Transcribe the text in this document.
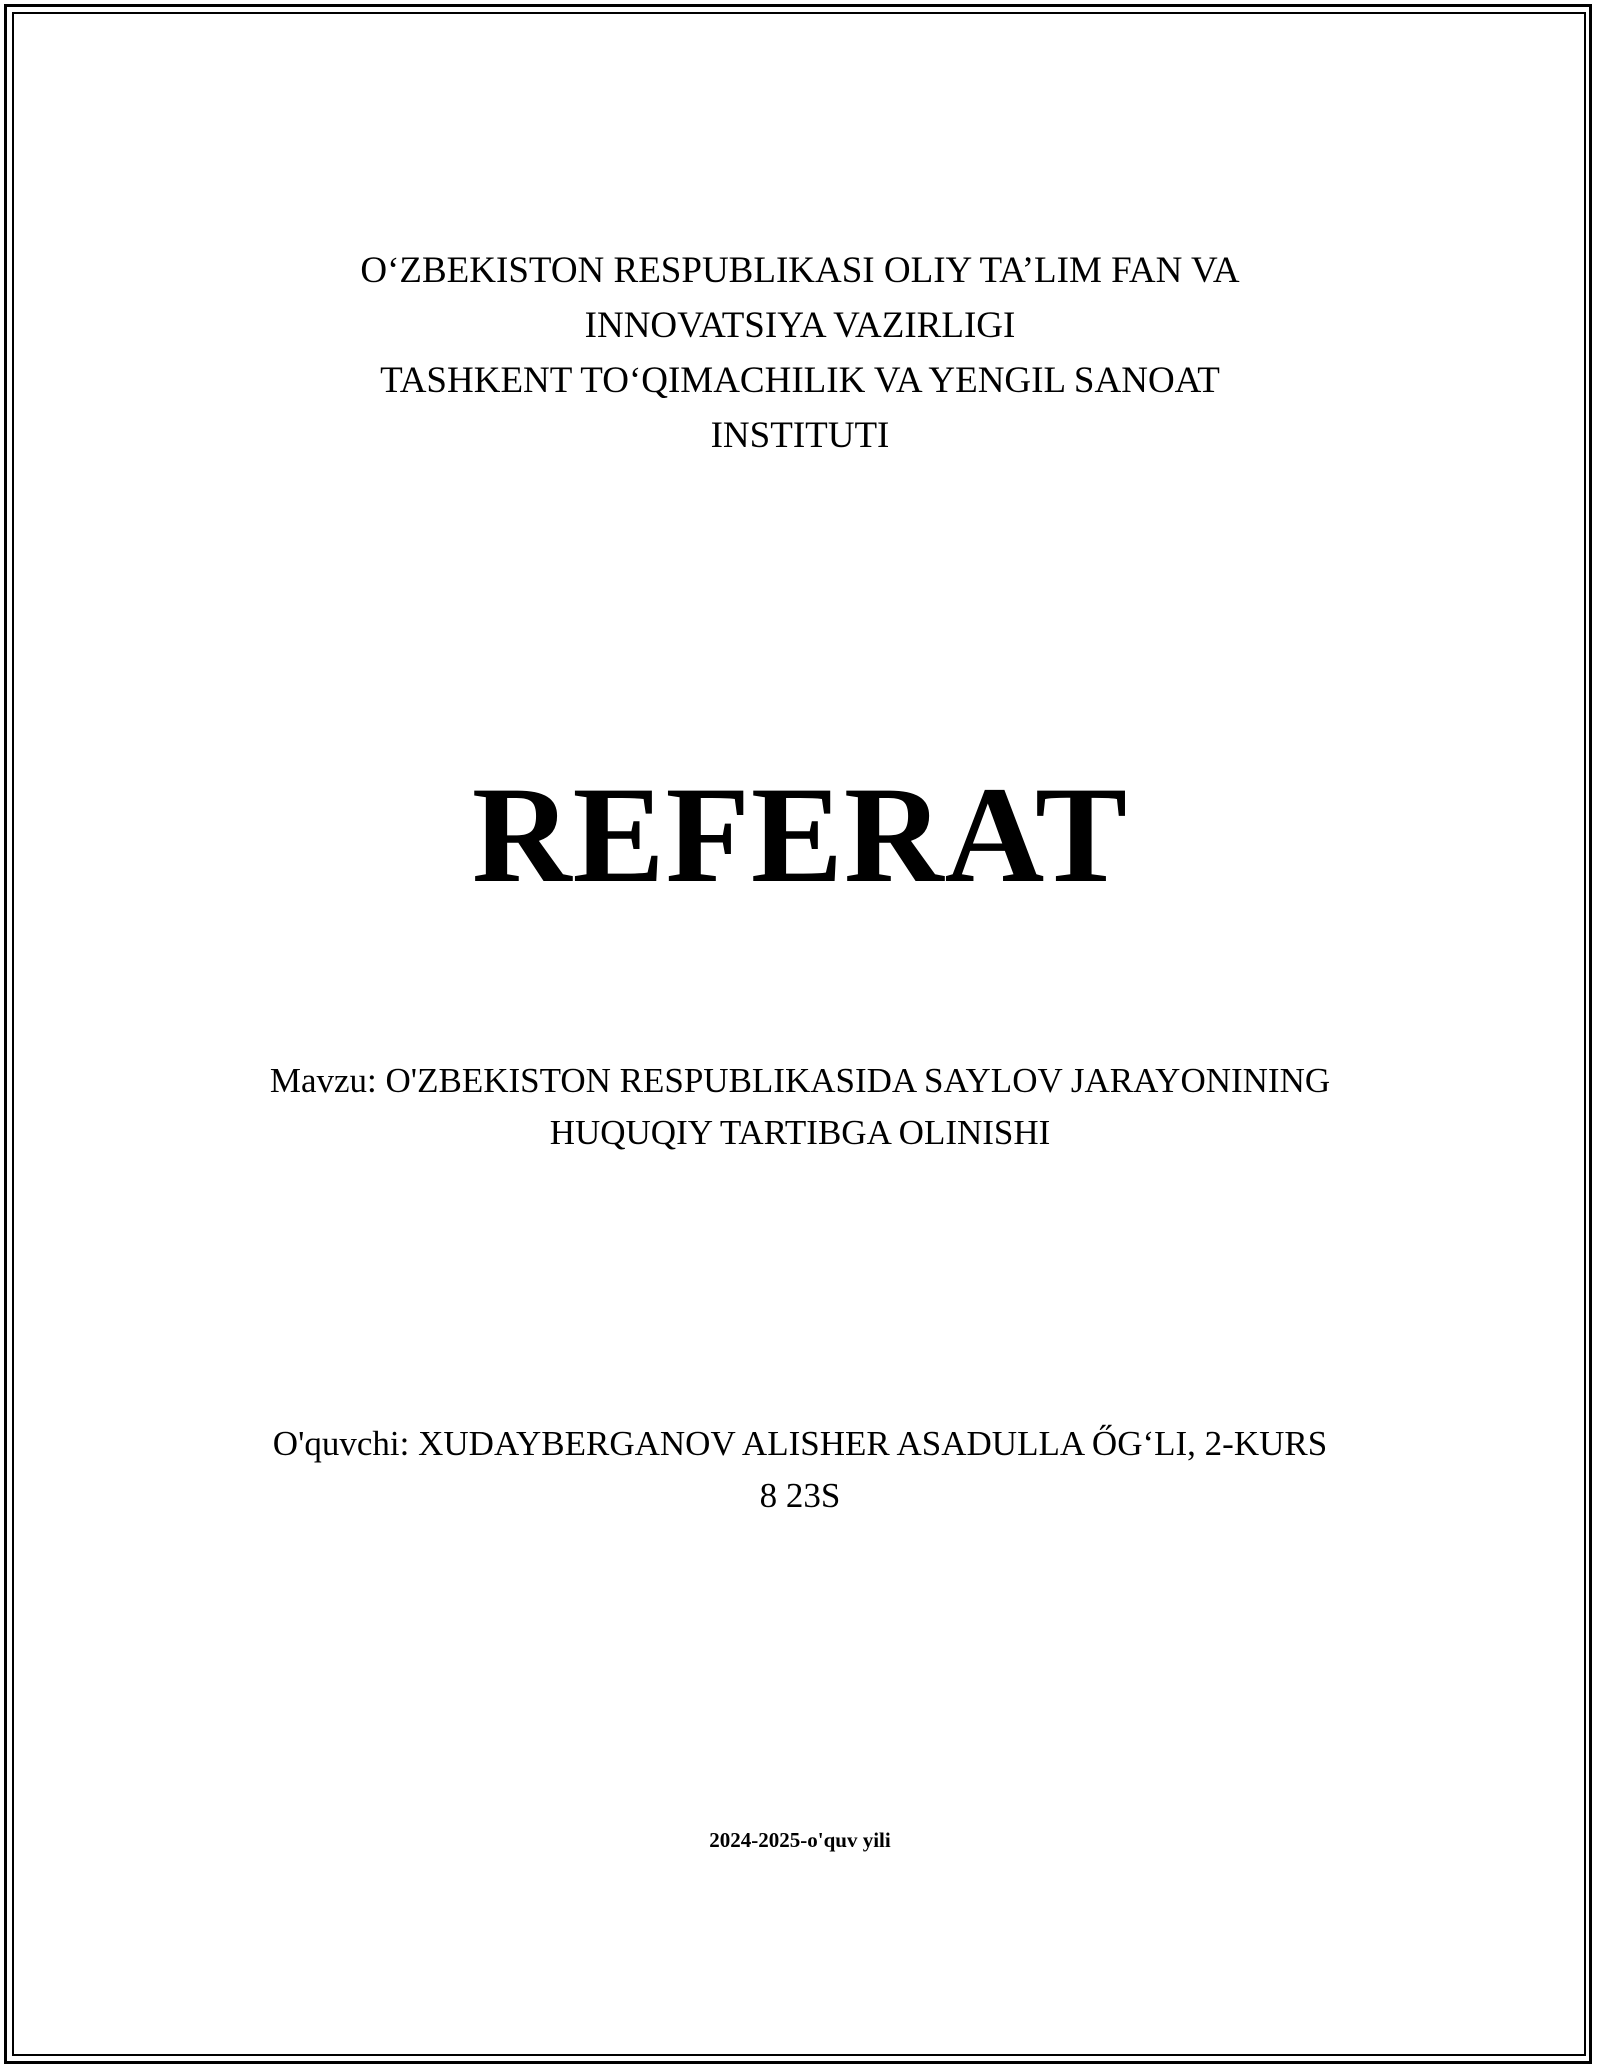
O‘ZBEKISTON RESPUBLIKASI OLIY TA’LIM FAN VA
INNOVATSIYA VAZIRLIGI
TASHKENT TO‘QIMACHILIK VA YENGIL SANOAT
INSTITUTI
REFERAT
Mavzu: O'ZBEKISTON RESPUBLIKASIDA SAYLOV JARAYONINING
HUQUQIY TARTIBGA OLINISHI
O'quvchi: XUDAYBERGANOV ALISHER ASADULLA ŐG‘LI, 2-KURS
8 23S
2024-2025-o'quv yili
